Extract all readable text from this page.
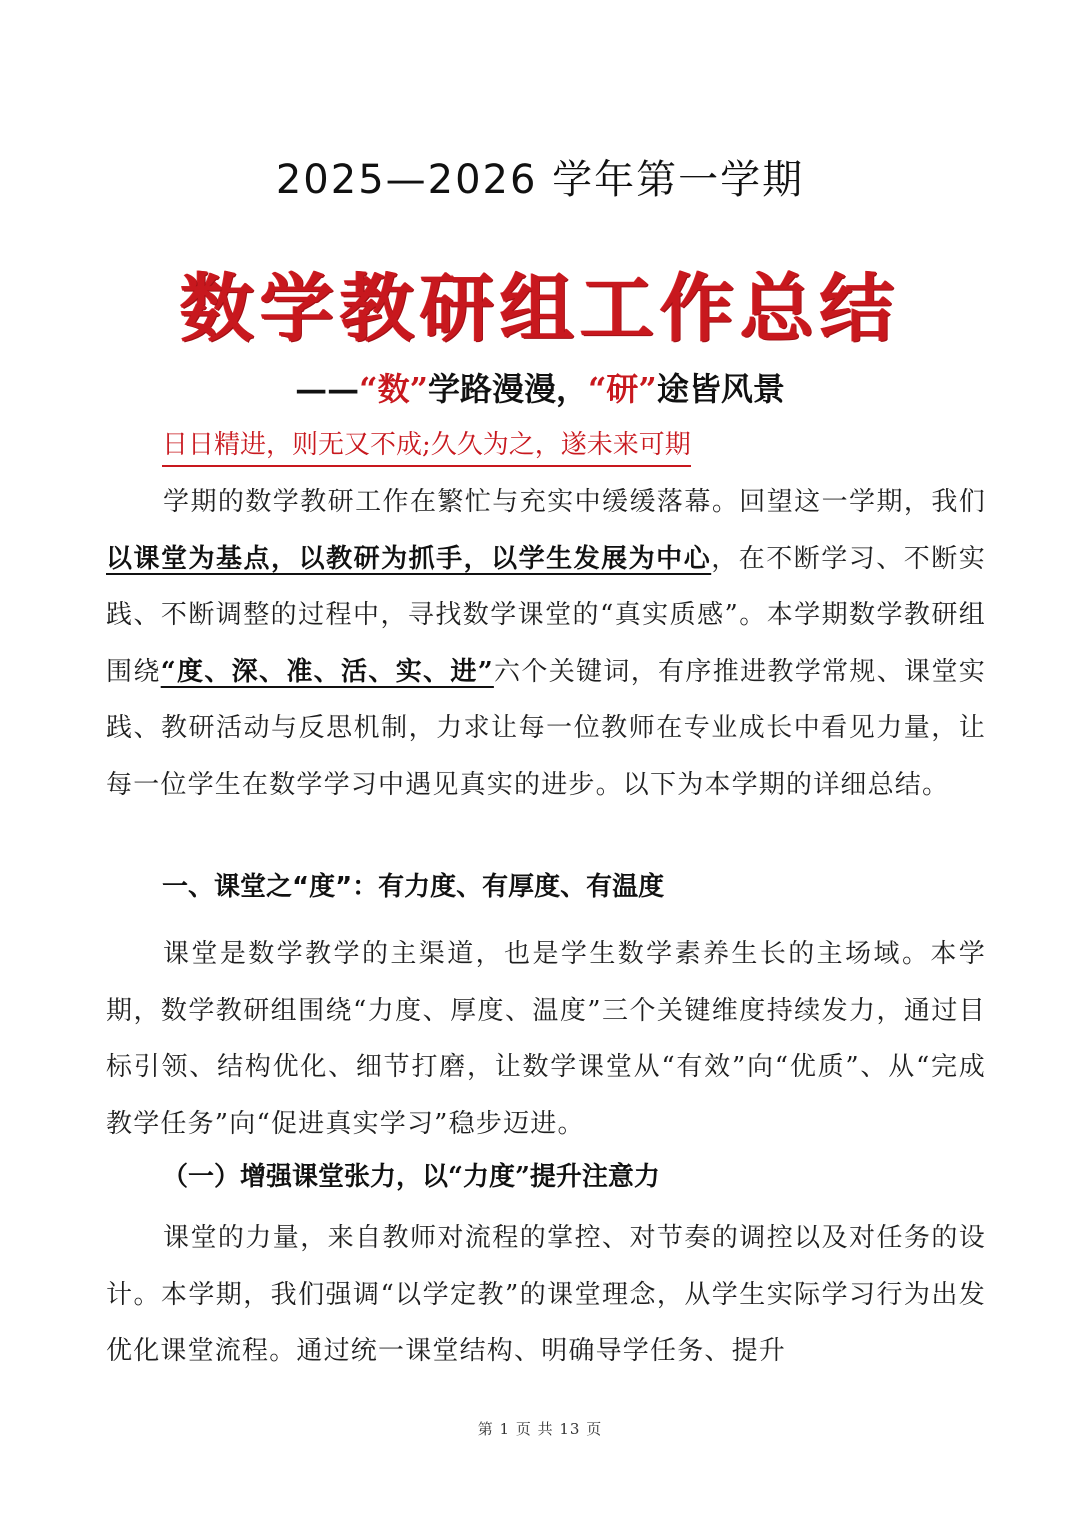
2025—2026 学年第一学期
数学教研组工作总结
——“数”学路漫漫，“研”途皆风景
日日精进，则无又不成;久久为之，遂未来可期

学期的数学教研工作在繁忙与充实中缓缓落幕。回望这一学期，我们以课堂为基点，以教研为抓手，以学生发展为中心，在不断学习、不断实践、不断调整的过程中，寻找数学课堂的“真实质感”。本学期数学教研组围绕“度、深、准、活、实、进”六个关键词，有序推进教学常规、课堂实践、教研活动与反思机制，力求让每一位教师在专业成长中看见力量，让每一位学生在数学学习中遇见真实的进步。以下为本学期的详细总结。

一、课堂之“度”：有力度、有厚度、有温度

课堂是数学教学的主渠道，也是学生数学素养生长的主场域。本学期，数学教研组围绕“力度、厚度、温度”三个关键维度持续发力，通过目标引领、结构优化、细节打磨，让数学课堂从“有效”向“优质”、从“完成教学任务”向“促进真实学习”稳步迈进。

（一）增强课堂张力，以“力度”提升注意力

课堂的力量，来自教师对流程的掌控、对节奏的调控以及对任务的设计。本学期，我们强调“以学定教”的课堂理念，从学生实际学习行为出发优化课堂流程。通过统一课堂结构、明确导学任务、提升

第 1 页 共 13 页
